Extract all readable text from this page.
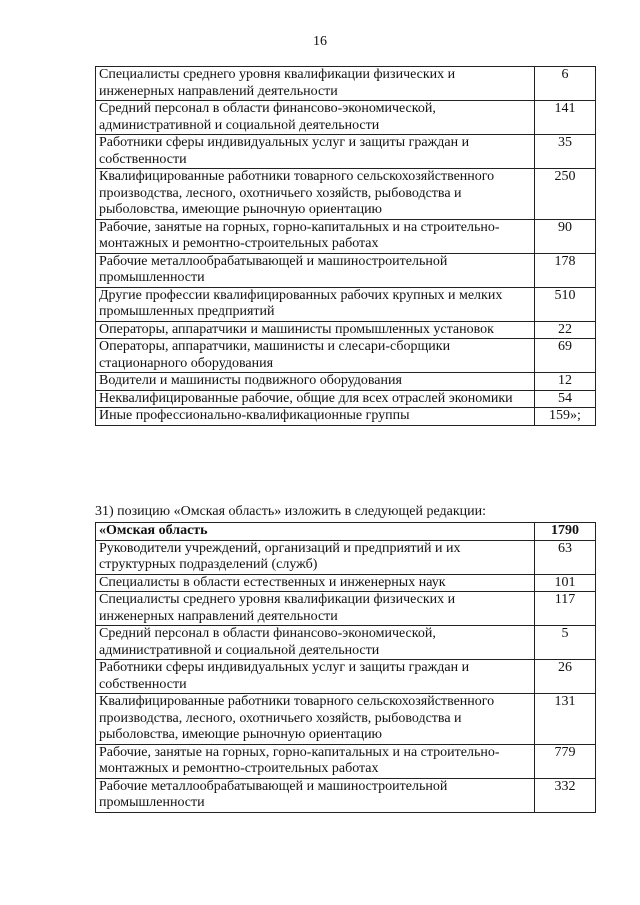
16
Специалисты среднего уровня квалификации физических и инженерных направлений деятельности	6
Средний персонал в области финансово-экономической, административной и социальной деятельности	141
Работники сферы индивидуальных услуг и защиты граждан и собственности	35
Квалифицированные работники товарного сельскохозяйственного производства, лесного, охотничьего хозяйств, рыбоводства и рыболовства, имеющие рыночную ориентацию	250
Рабочие, занятые на горных, горно-капитальных и на строительно-монтажных и ремонтно-строительных работах	90
Рабочие металлообрабатывающей и машиностроительной промышленности	178
Другие профессии квалифицированных рабочих крупных и мелких промышленных предприятий	510
Операторы, аппаратчики и машинисты промышленных установок	22
Операторы, аппаратчики, машинисты и слесари-сборщики стационарного оборудования	69
Водители и машинисты подвижного оборудования	12
Неквалифицированные рабочие, общие для всех отраслей экономики	54
Иные профессионально-квалификационные группы	159»;
31) позицию «Омская область» изложить в следующей редакции:
«Омская область	1790
Руководители учреждений, организаций и предприятий и их структурных подразделений (служб)	63
Специалисты в области естественных и инженерных наук	101
Специалисты среднего уровня квалификации физических и инженерных направлений деятельности	117
Средний персонал в области финансово-экономической, административной и социальной деятельности	5
Работники сферы индивидуальных услуг и защиты граждан и собственности	26
Квалифицированные работники товарного сельскохозяйственного производства, лесного, охотничьего хозяйств, рыбоводства и рыболовства, имеющие рыночную ориентацию	131
Рабочие, занятые на горных, горно-капитальных и на строительно-монтажных и ремонтно-строительных работах	779
Рабочие металлообрабатывающей и машиностроительной промышленности	332
